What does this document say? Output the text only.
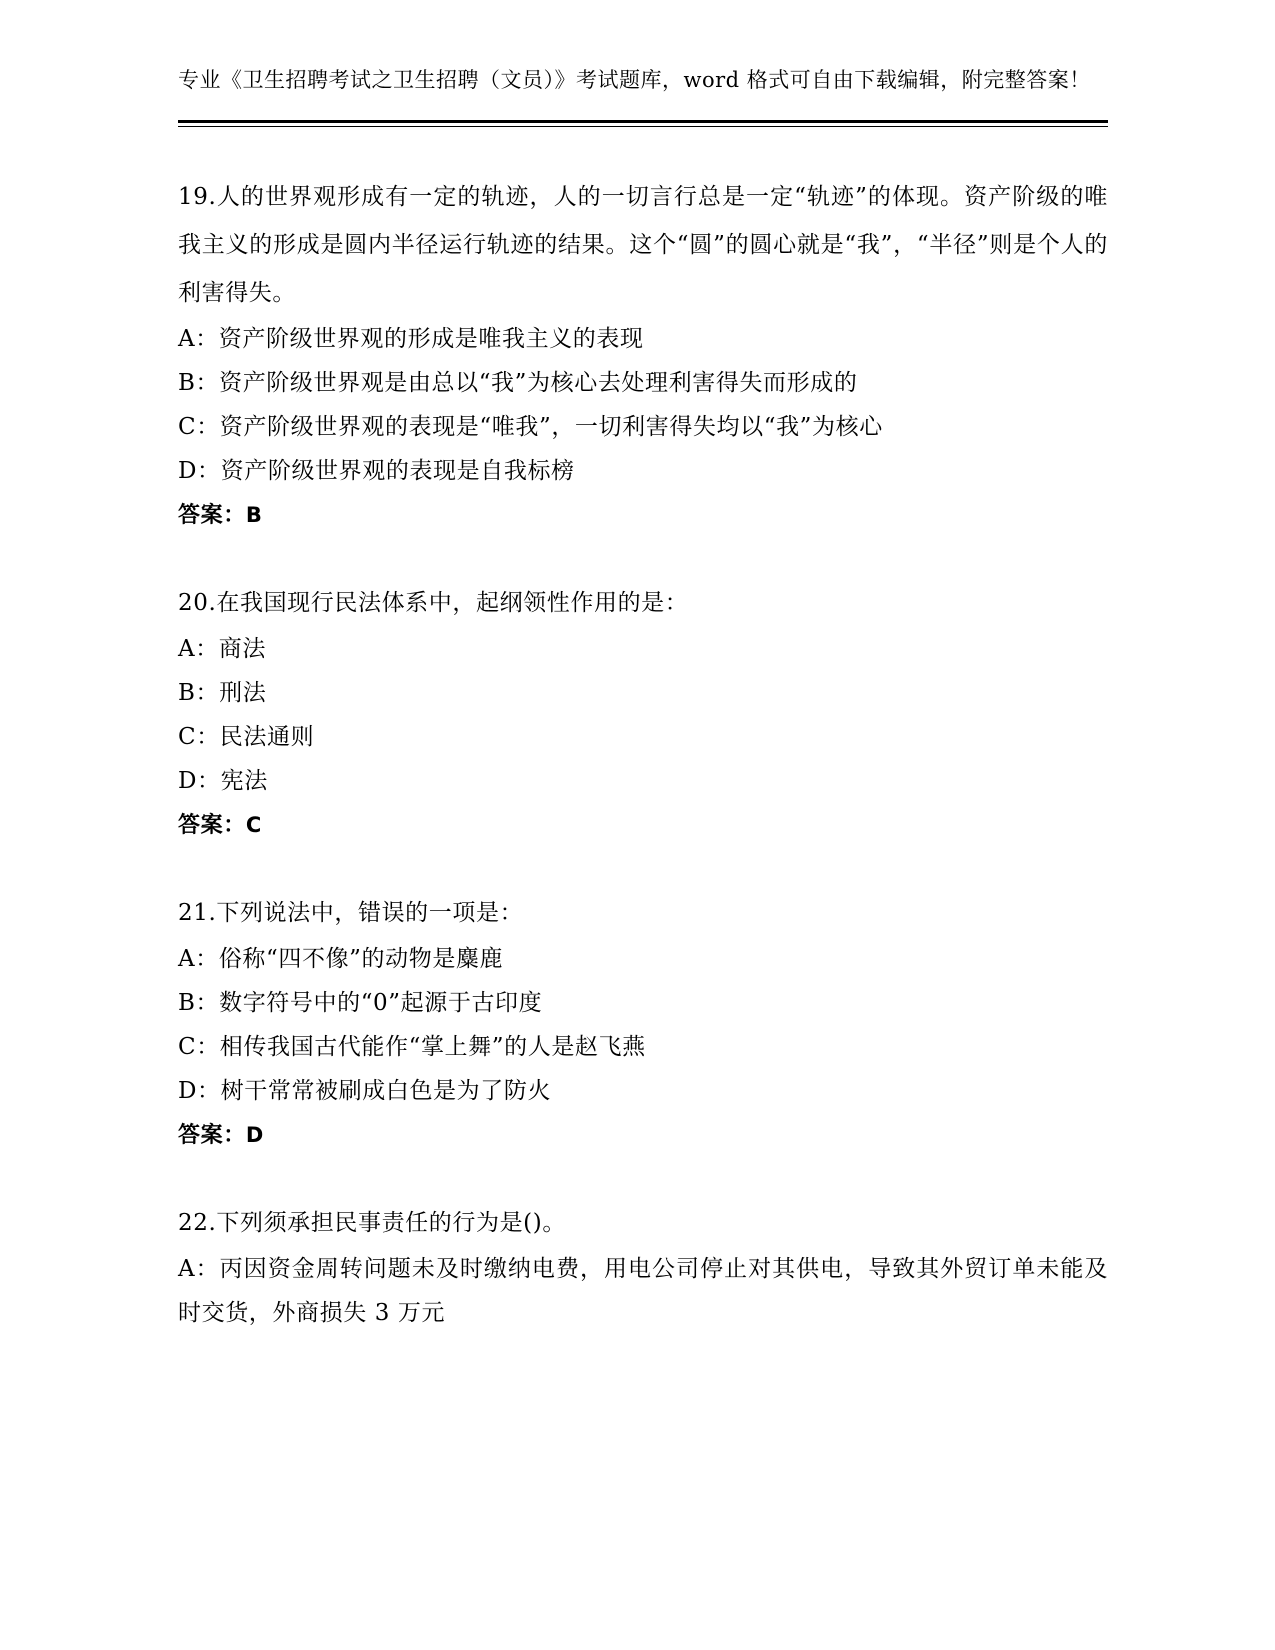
专业《卫生招聘考试之卫生招聘（文员）》考试题库，word 格式可自由下载编辑，附完整答案！
19.人的世界观形成有一定的轨迹，人的一切言行总是一定“轨迹”的体现。资产阶级的唯我主义的形成是圆内半径运行轨迹的结果。这个“圆”的圆心就是“我”，“半径”则是个人的利害得失。
A：资产阶级世界观的形成是唯我主义的表现
B：资产阶级世界观是由总以“我”为核心去处理利害得失而形成的
C：资产阶级世界观的表现是“唯我”，一切利害得失均以“我”为核心
D：资产阶级世界观的表现是自我标榜
答案：B
20.在我国现行民法体系中，起纲领性作用的是：
A：商法
B：刑法
C：民法通则
D：宪法
答案：C
21.下列说法中，错误的一项是：
A：俗称“四不像”的动物是麋鹿
B：数字符号中的“0”起源于古印度
C：相传我国古代能作“掌上舞”的人是赵飞燕
D：树干常常被刷成白色是为了防火
答案：D
22.下列须承担民事责任的行为是()。
A：丙因资金周转问题未及时缴纳电费，用电公司停止对其供电，导致其外贸订单未能及时交货，外商损失 3 万元
